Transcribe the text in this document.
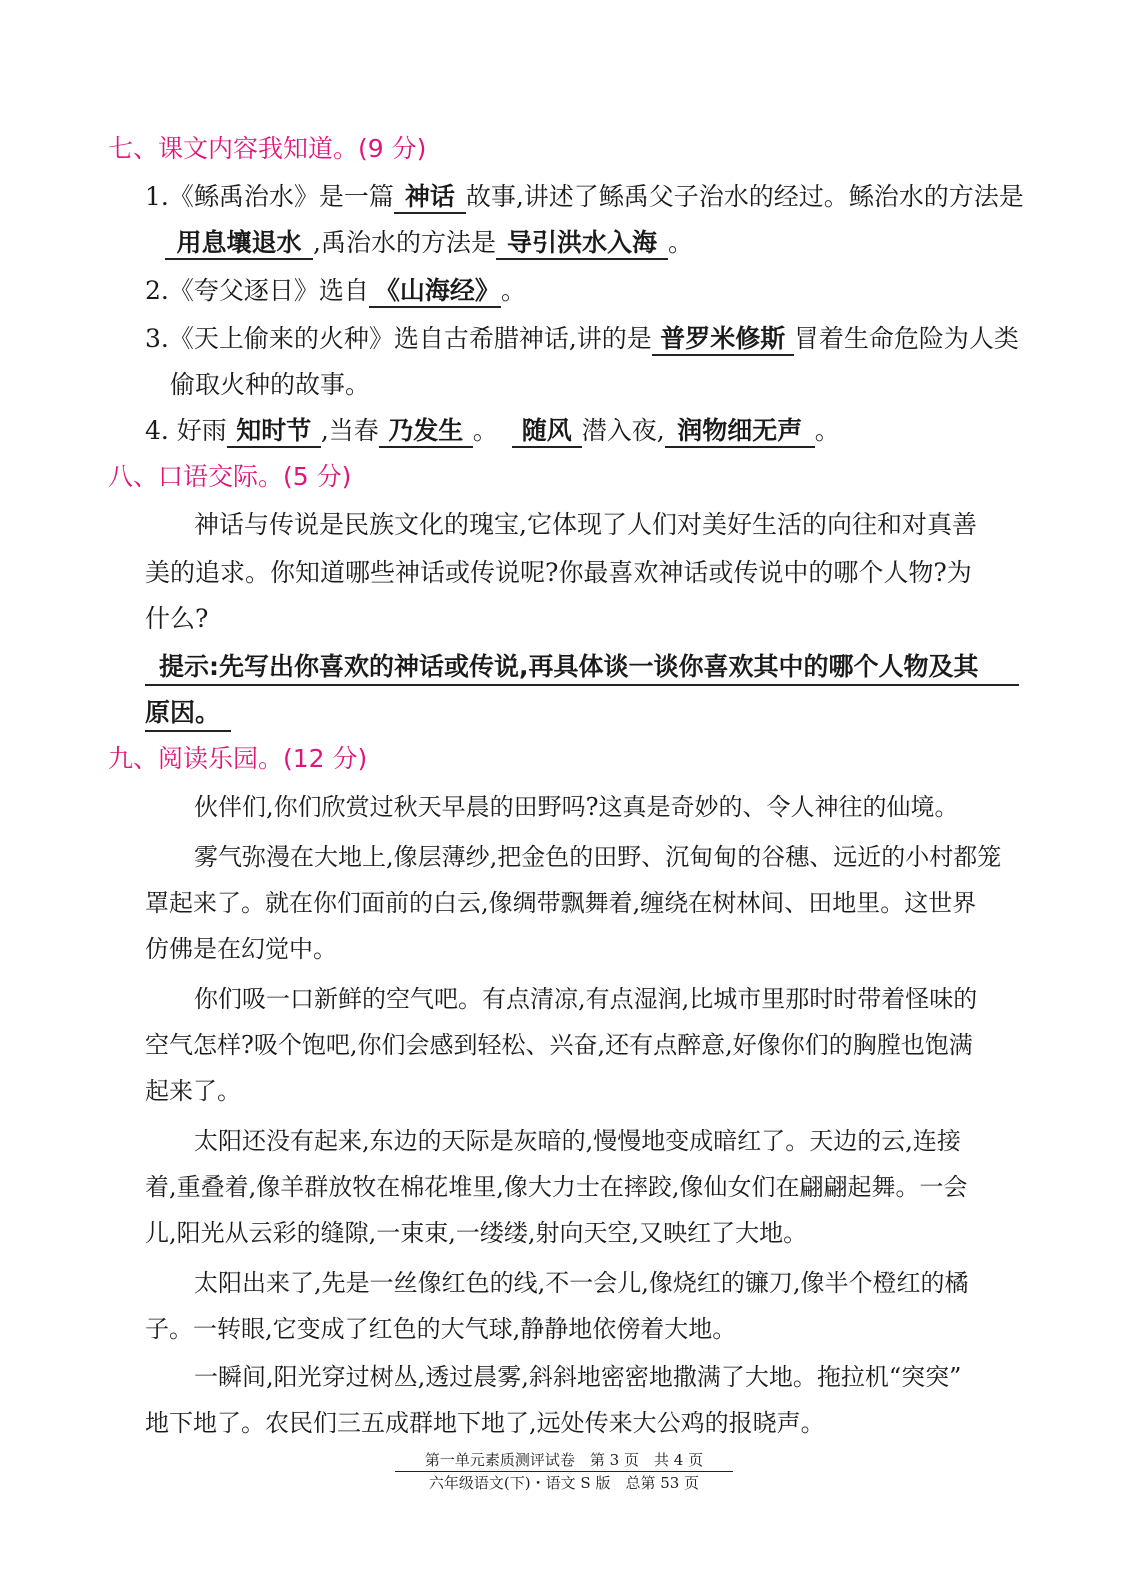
七、课文内容我知道。(9 分)
1.《鲧禹治水》是一篇 神话 故事,讲述了鲧禹父子治水的经过。鲧治水的方法是
用息壤退水 ,禹治水的方法是 导引洪水入海 。
2.《夸父逐日》选自 《山海经》。
3.《天上偷来的火种》选自古希腊神话,讲的是 普罗米修斯 冒着生命危险为人类
偷取火种的故事。
4. 好雨 知时节 ,当春 乃发生 。 随风 潜入夜, 润物细无声 。
八、口语交际。(5 分)
神话与传说是民族文化的瑰宝,它体现了人们对美好生活的向往和对真善
美的追求。你知道哪些神话或传说呢?你最喜欢神话或传说中的哪个人物?为
什么?
提示:先写出你喜欢的神话或传说,再具体谈一谈你喜欢其中的哪个人物及其
原因。
九、阅读乐园。(12 分)
伙伴们,你们欣赏过秋天早晨的田野吗?这真是奇妙的、令人神往的仙境。
雾气弥漫在大地上,像层薄纱,把金色的田野、沉甸甸的谷穗、远近的小村都笼
罩起来了。就在你们面前的白云,像绸带飘舞着,缠绕在树林间、田地里。这世界
仿佛是在幻觉中。
你们吸一口新鲜的空气吧。有点清凉,有点湿润,比城市里那时时带着怪味的
空气怎样?吸个饱吧,你们会感到轻松、兴奋,还有点醉意,好像你们的胸膛也饱满
起来了。
太阳还没有起来,东边的天际是灰暗的,慢慢地变成暗红了。天边的云,连接
着,重叠着,像羊群放牧在棉花堆里,像大力士在摔跤,像仙女们在翩翩起舞。一会
儿,阳光从云彩的缝隙,一束束,一缕缕,射向天空,又映红了大地。
太阳出来了,先是一丝像红色的线,不一会儿,像烧红的镰刀,像半个橙红的橘
子。一转眼,它变成了红色的大气球,静静地依傍着大地。
一瞬间,阳光穿过树丛,透过晨雾,斜斜地密密地撒满了大地。拖拉机“突突”
地下地了。农民们三五成群地下地了,远处传来大公鸡的报晓声。
第一单元素质测评试卷　第 3 页　共 4 页
六年级语文(下)・语文 S 版　总第 53 页
